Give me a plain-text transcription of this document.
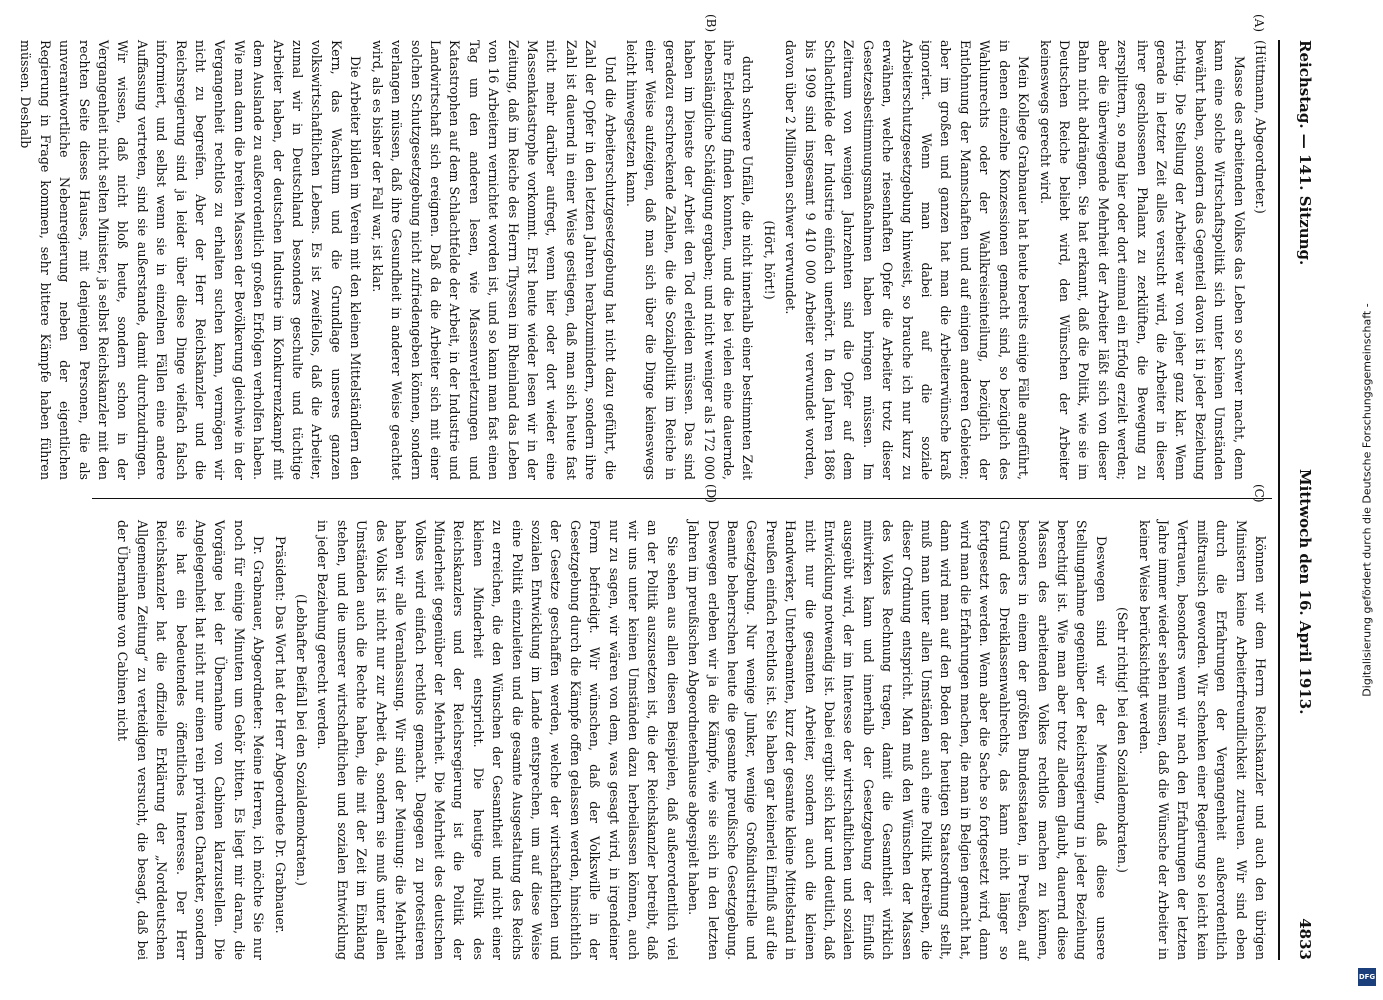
Digitalisierung gefördert durch die Deutsche Forschungsgemeinschaft -
DFG
Reichstag. — 141. Sitzung.
Mittwoch den 16. April 1913.
4833
(A)
(B)
(C)
(D)

(Hüttmann, Abgeordneter.)

Masse des arbeitenden Volkes das Leben so schwer macht, denn kann eine solche Wirtschaftspolitik sich unter keinen Umständen bewährt haben, sondern das Gegenteil davon ist in jeder Beziehung richtig. Die Stellung der Arbeiter war von jeher ganz klar. Wenn gerade in letzter Zeit alles versucht wird, die Arbeiter in dieser ihrer geschlossenen Phalanx zu zerklüften, die Bewegung zu zersplittern, so mag hier oder dort einmal ein Erfolg erzielt werden; aber die überwiegende Mehrheit der Arbeiter läßt sich von dieser Bahn nicht abdrängen. Sie hat erkannt, daß die Politik, wie sie im Deutschen Reiche beliebt wird, den Wünschen der Arbeiter keineswegs gerecht wird.

Mein Kollege Grabnauer hat heute bereits einige Fälle angeführt, in denen einzelne Konzessionen gemacht sind, so bezüglich des Wahlunrechts oder der Wahlkreiseinteilung, bezüglich der Entlohnung der Mannschaften und auf einigen anderen Gebieten; aber im großen und ganzen hat man die Arbeiterwünsche kraß ignoriert. Wenn man dabei auf die soziale Arbeiterschutzgesetzgebung hinweist, so brauche ich nur kurz zu erwähnen, welche riesenhaften Opfer die Arbeiter trotz dieser Gesetzesbestimmungsmaßnahmen haben bringen müssen. Im Zeitraum von wenigen Jahrzehnten sind die Opfer auf dem Schlachtfelde der Industrie einfach unerhört. In den Jahren 1886 bis 1909 sind insgesamt 9 410 000 Arbeiter verwundet worden, davon über 2 Millionen schwer verwundet.

(Hört, hört!)

durch schwere Unfälle, die nicht innerhalb einer bestimmten Zeit ihre Erledigung finden konnten, und die bei vielen eine dauernde, lebenslängliche Schädigung ergaben; und nicht weniger als 172 000 haben im Dienste der Arbeit den Tod erleiden müssen. Das sind geradezu erschreckende Zahlen, die die Sozialpolitik im Reiche in einer Weise aufzeigen, daß man sich über die Dinge keineswegs leicht hinwegsetzen kann.

Und die Arbeiterschutzgesetzgebung hat nicht dazu geführt, die Zahl der Opfer in den letzten Jahren herabzumindern, sondern ihre Zahl ist dauernd in einer Weise gestiegen, daß man sich heute fast nicht mehr darüber aufregt, wenn hier oder dort wieder eine Massenkatastrophe vorkommt. Erst heute wieder lesen wir in der Zeitung, daß im Reiche des Herrn Thyssen im Rheinland das Leben von 16 Arbeitern vernichtet worden ist, und so kann man fast einen Tag um den anderen lesen, wie Massenverletzungen und Katastrophen auf dem Schlachtfelde der Arbeit, in der Industrie und Landwirtschaft sich ereignen. Daß da die Arbeiter sich mit einer solchen Schutzgesetzgebung nicht zufriedengeben können, sondern verlangen müssen, daß ihre Gesundheit in anderer Weise geachtet wird, als es bisher der Fall war, ist klar.

Die Arbeiter bilden im Verein mit den kleinen Mittelständlern den Kern, das Wachstum und die Grundlage unseres ganzen volkswirtschaftlichen Lebens. Es ist zweifellos, daß die Arbeiter, zumal wir in Deutschland besonders geschulte und tüchtige Arbeiter haben, der deutschen Industrie im Konkurrenzkampf mit dem Auslande zu außerordentlich großen Erfolgen verholfen haben. Wie man dann die breiten Massen der Bevölkerung gleichwie in der Vergangenheit rechtlos zu erhalten suchen kann, vermögen wir nicht zu begreifen. Aber der Herr Reichskanzler und die Reichsregierung sind ja leider über diese Dinge vielfach falsch informiert, und selbst wenn sie in einzelnen Fällen eine andere Auffassung vertreten, sind sie außerstande, damit durchzudringen. Wir wissen, daß nicht bloß heute, sondern schon in der Vergangenheit nicht selten Minister, ja selbst Reichskanzler mit den rechten Seite dieses Hauses, mit denjenigen Personen, die als unverantwortliche Nebenregierung neben der eigentlichen Regierung in Frage kommen, sehr bittere Kämpfe haben führen müssen. Deshalb

können wir dem Herrn Reichskanzler und auch den übrigen Ministern keine Arbeiterfreundlichkeit zutrauen. Wir sind eben durch die Erfahrungen der Vergangenheit außerordentlich mißtrauisch geworden. Wir schenken einer Regierung so leicht kein Vertrauen, besonders wenn wir nach den Erfahrungen der letzten Jahre immer wieder sehen müssen, daß die Wünsche der Arbeiter in keiner Weise berücksichtigt werden.

(Sehr richtig! bei den Sozialdemokraten.)

Deswegen sind wir der Meinung, daß diese unsere Stellungnahme gegenüber der Reichsregierung in jeder Beziehung berechtigt ist. Wie man aber trotz alledem glaubt, dauernd diese Massen des arbeitenden Volkes rechtlos machen zu können, besonders in einem der größten Bundesstaaten, in Preußen, auf Grund des Dreiklassenwahlrechts, das kann nicht länger so fortgesetzt werden. Wenn aber die Sache so fortgesetzt wird, dann wird man die Erfahrungen machen, die man in Belgien gemacht hat, dann wird man auf den Boden der heutigen Staatsordnung stellt, muß man unter allen Umständen auch eine Politik betreiben, die dieser Ordnung entspricht. Man muß den Wünschen der Massen des Volkes Rechnung tragen, damit die Gesamtheit wirklich mitwirken kann und innerhalb der Gesetzgebung der Einfluß ausgeübt wird, der im Interesse der wirtschaftlichen und sozialen Entwicklung notwendig ist. Dabei ergibt sich klar und deutlich, daß nicht nur die gesamten Arbeiter, sondern auch die kleinen Handwerker, Unterbeamten, kurz der gesamte kleine Mittelstand in Preußen einfach rechtlos ist. Sie haben gar keinerlei Einfluß auf die Gesetzgebung. Nur wenige Junker, wenige Großindustrielle und Beamte beherrschen heute die gesamte preußische Gesetzgebung. Deswegen erleben wir ja die Kämpfe, wie sie sich in den letzten Jahren im preußischen Abgeordnetenhause abgespielt haben.

Sie sehen aus allen diesen Beispielen, daß außerordentlich viel an der Politik auszusetzen ist, die der Reichskanzler betreibt, daß wir uns unter keinen Umständen dazu herbeilassen können, auch nur zu sagen, wir wären von dem, was gesagt wird, in irgendeiner Form befriedigt. Wir wünschen, daß der Volkswille in der Gesetzgebung durch die Kämpfe offen gelassen werden, hinsichtlich der Gesetze geschaffen werden, welche der wirtschaftlichen und sozialen Entwicklung im Lande entsprechen, um auf diese Weise eine Politik einzuleiten und die gesamte Ausgestaltung des Reichs zu erreichen, die den Wünschen der Gesamtheit und nicht einer kleinen Minderheit entspricht. Die heutige Politik des Reichskanzlers und der Reichsregierung ist die Politik der Minderheit gegenüber der Mehrheit. Die Mehrheit des deutschen Volkes wird einfach rechtlos gemacht. Dagegen zu protestieren haben wir alle Veranlassung. Wir sind der Meinung: die Mehrheit des Volks ist nicht nur zur Arbeit da, sondern sie muß unter allen Umständen auch die Rechte haben, die mit der Zeit im Einklang stehen, und die unserer wirtschaftlichen und sozialen Entwicklung in jeder Beziehung gerecht werden.

(Lebhafter Beifall bei den Sozialdemokraten.)

Präsident: Das Wort hat der Herr Abgeordnete Dr. Grabnauer.

Dr. Grabnauer, Abgeordneter: Meine Herren, ich möchte Sie nur noch für einige Minuten um Gehör bitten. Es liegt mir daran, die Vorgänge bei der Übernahme von Cabinen klarzustellen. Die Angelegenheit hat nicht nur einen rein privaten Charakter, sondern sie hat ein bedeutendes öffentliches Interesse. Der Herr Reichskanzler hat die offizielle Erklärung der „Norddeutschen Allgemeinen Zeitung“ zu verteidigen versucht, die besagt, daß bei der Übernahme von Cabinen nicht
